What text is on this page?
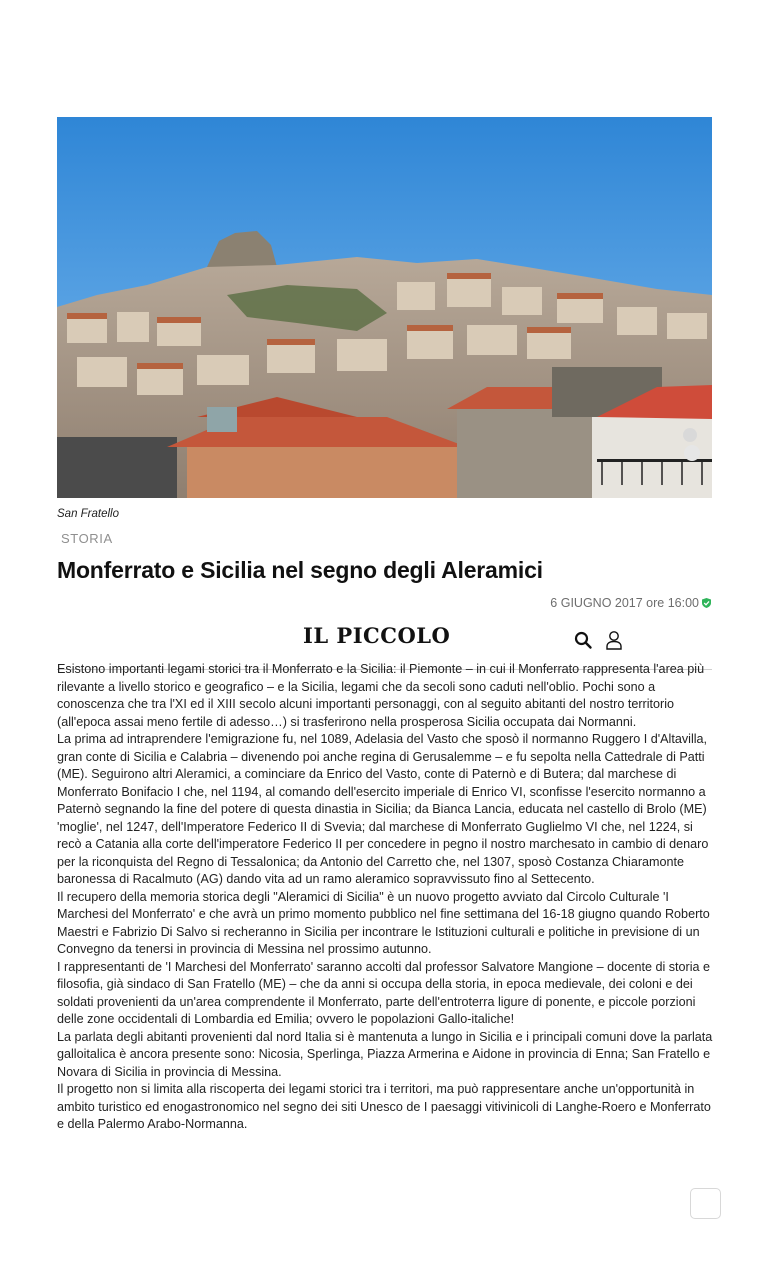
San Fratello
STORIA
Monferrato e Sicilia nel segno degli Aleramici
6 GIUGNO 2017 ore 16:00
IL PICCOLO

Esistono importanti legami storici tra il Monferrato e la Sicilia: il Piemonte – in cui il Monferrato rappresenta l'area più rilevante a livello storico e geografico – e la Sicilia, legami che da secoli sono caduti nell'oblio. Pochi sono a conoscenza che tra l'XI ed il XIII secolo alcuni importanti personaggi, con al seguito abitanti del nostro territorio (all'epoca assai meno fertile di adesso…) si trasferirono nella prosperosa Sicilia occupata dai Normanni.

La prima ad intraprendere l'emigrazione fu, nel 1089, Adelasia del Vasto che sposò il normanno Ruggero I d'Altavilla, gran conte di Sicilia e Calabria – divenendo poi anche regina di Gerusalemme – e fu sepolta nella Cattedrale di Patti (ME). Seguirono altri Aleramici, a cominciare da Enrico del Vasto, conte di Paternò e di Butera; dal marchese di Monferrato Bonifacio I che, nel 1194, al comando dell'esercito imperiale di Enrico VI, sconfisse l'esercito normanno a Paternò segnando la fine del potere di questa dinastia in Sicilia; da Bianca Lancia, educata nel castello di Brolo (ME) 'moglie', nel 1247, dell'Imperatore Federico II di Svevia; dal marchese di Monferrato Guglielmo VI che, nel 1224, si recò a Catania alla corte dell'imperatore Federico II per concedere in pegno il nostro marchesato in cambio di denaro per la riconquista del Regno di Tessalonica; da Antonio del Carretto che, nel 1307, sposò Costanza Chiaramonte baronessa di Racalmuto (AG) dando vita ad un ramo aleramico sopravvissuto fino al Settecento.

Il recupero della memoria storica degli "Aleramici di Sicilia" è un nuovo progetto avviato dal Circolo Culturale 'I Marchesi del Monferrato' e che avrà un primo momento pubblico nel fine settimana del 16-18 giugno quando Roberto Maestri e Fabrizio Di Salvo si recheranno in Sicilia per incontrare le Istituzioni culturali e politiche in previsione di un Convegno da tenersi in provincia di Messina nel prossimo autunno.

I rappresentanti de 'I Marchesi del Monferrato' saranno accolti dal professor Salvatore Mangione – docente di storia e filosofia, già sindaco di San Fratello (ME) – che da anni si occupa della storia, in epoca medievale, dei coloni e dei soldati provenienti da un'area comprendente il Monferrato, parte dell'entroterra ligure di ponente, e piccole porzioni delle zone occidentali di Lombardia ed Emilia; ovvero le popolazioni Gallo-italiche!

La parlata degli abitanti provenienti dal nord Italia si è mantenuta a lungo in Sicilia e i principali comuni dove la parlata galloitalica è ancora presente sono: Nicosia, Sperlinga, Piazza Armerina e Aidone in provincia di Enna; San Fratello e Novara di Sicilia in provincia di Messina.

Il progetto non si limita alla riscoperta dei legami storici tra i territori, ma può rappresentare anche un'opportunità in ambito turistico ed enogastronomico nel segno dei siti Unesco de I paesaggi vitivinicoli di Langhe-Roero e Monferrato e della Palermo Arabo-Normanna.
